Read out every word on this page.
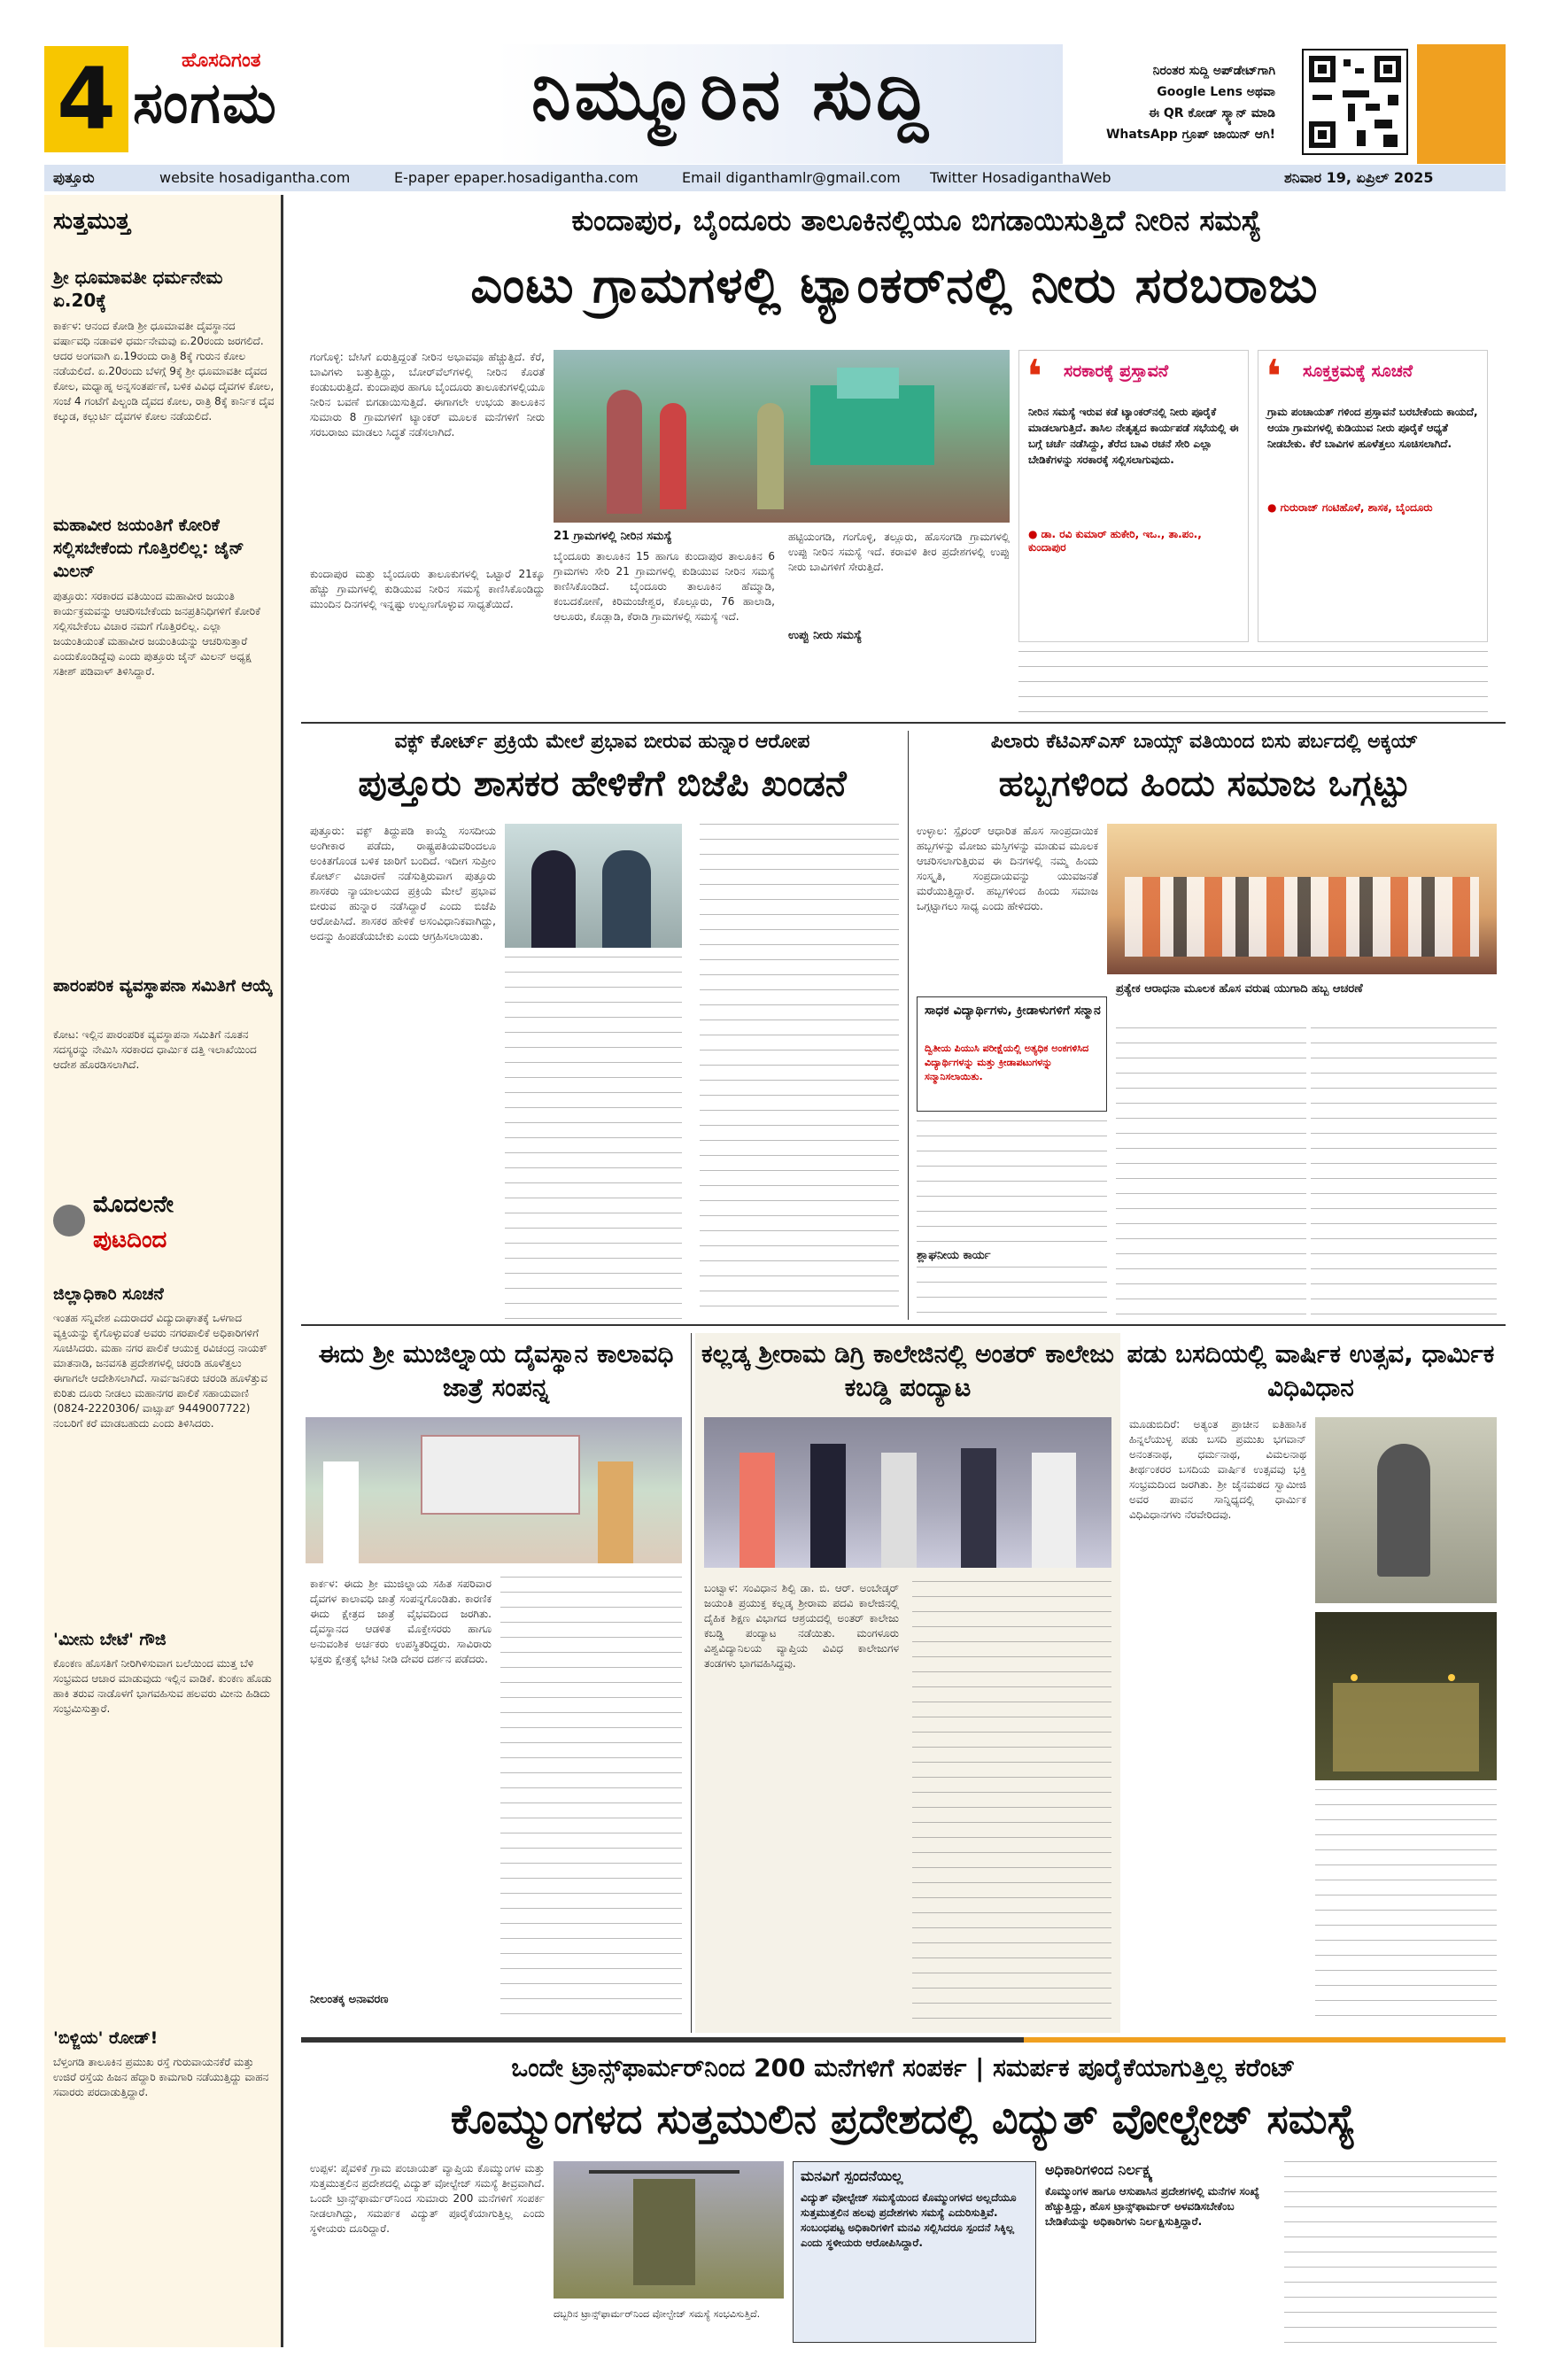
4	ಹೊಸದಿಗಂತ
ಸಂಗಮ	ನಿಮ್ಮೂರಿನ ಸುದ್ದಿ	ನಿರಂತರ ಸುದ್ದಿ ಅಪ್‌ಡೇಟ್‌ಗಾಗಿ
Google Lens ಅಥವಾ
ಈ QR ಕೋಡ್ ಸ್ಕ್ಯಾನ್ ಮಾಡಿ
WhatsApp ಗ್ರೂಪ್ ಜಾಯಿನ್ ಆಗಿ!
ಪುತ್ತೂರು	website hosadigantha.com	E-paper epaper.hosadigantha.com	Email diganthamlr@gmail.com Twitter HosadiganthaWeb	ಶನಿವಾರ 19, ಏಪ್ರಿಲ್ 2025
ಸುತ್ತಮುತ್ತ
ಶ್ರೀ ಧೂಮಾವತೀ ಧರ್ಮನೇಮ ಏ.20ಕ್ಕೆ
ಕಾರ್ಕಳ: ಆನಂದ ಕೋಡಿ ಶ್ರೀ ಧೂಮಾವತೀ ದೈವಸ್ಥಾನದ ವರ್ಷಾವಧಿ ನಡಾವಳಿ ಧರ್ಮನೇಮವು ಏ.20ರಂದು ಜರಗಲಿದೆ. ಆದರ ಅಂಗವಾಗಿ ಏ.19ರಂದು ರಾತ್ರಿ 8ಕ್ಕೆ ಗುರುನ ಕೋಲ ನಡೆಯಲಿದೆ. ಏ.20ರಂದು ಬೆಳಗ್ಗೆ 9ಕ್ಕೆ ಶ್ರೀ ಧೂಮಾವತೀ ದೈವದ ಕೋಲ, ಮಧ್ಯಾಹ್ನ ಅನ್ನಸಂತರ್ಪಣೆ, ಬಳಿಕ ವಿವಿಧ ದೈವಗಳ ಕೋಲ, ಸಂಜೆ 4 ಗಂಟೆಗೆ ಪಿಲ್ಚಂಡಿ ದೈವದ ಕೋಲ, ರಾತ್ರಿ 8ಕ್ಕೆ ಕಾರ್ನಿಕ ದೈವ ಕಲ್ಕುಡ, ಕಲ್ಲುರ್ಟಿ ದೈವಗಳ ಕೋಲ ನಡೆಯಲಿದೆ.
ಮಹಾವೀರ ಜಯಂತಿಗೆ ಕೋರಿಕೆ ಸಲ್ಲಿಸಬೇಕೆಂದು ಗೊತ್ತಿರಲಿಲ್ಲ: ಜೈನ್ ಮಿಲನ್
ಪುತ್ತೂರು: ಸರಕಾರದ ವತಿಯಿಂದ ಮಹಾವೀರ ಜಯಂತಿ ಕಾರ್ಯಕ್ರಮವನ್ನು ಆಚರಿಸಬೇಕೆಂದು ಜನಪ್ರತಿನಿಧಿಗಳಿಗೆ ಕೋರಿಕೆ ಸಲ್ಲಿಸಬೇಕೆಂಬ ವಿಚಾರ ನಮಗೆ ಗೊತ್ತಿರಲಿಲ್ಲ. ಎಲ್ಲಾ ಜಯಂತಿಯಂತೆ ಮಹಾವೀರ ಜಯಂತಿಯನ್ನು ಆಚರಿಸುತ್ತಾರೆ ಎಂದುಕೊಂಡಿದ್ದೆವು ಎಂದು ಪುತ್ತೂರು ಜೈನ್ ಮಿಲನ್ ಅಧ್ಯಕ್ಷ ಸತೀಶ್ ಪಡಿವಾಳ್ ತಿಳಿಸಿದ್ದಾರೆ.
ಪಾರಂಪರಿಕ ವ್ಯವಸ್ಥಾಪನಾ ಸಮಿತಿಗೆ ಆಯ್ಕೆ
ಕೋಟ: ಇಲ್ಲಿನ ಪಾರಂಪರಿಕ ವ್ಯವಸ್ಥಾಪನಾ ಸಮಿತಿಗೆ ನೂತನ ಸದಸ್ಯರನ್ನು ನೇಮಿಸಿ ಸರಕಾರದ ಧಾರ್ಮಿಕ ದತ್ತಿ ಇಲಾಖೆಯಿಂದ ಆದೇಶ ಹೊರಡಿಸಲಾಗಿದೆ.
ಮೊದಲನೇ
ಪುಟದಿಂದ
ಜಿಲ್ಲಾಧಿಕಾರಿ ಸೂಚನೆ
ಇಂತಹ ಸನ್ನಿವೇಶ ಎದುರಾದರೆ ವಿದ್ಯುದಾಘಾತಕ್ಕೆ ಒಳಗಾದ ವ್ಯಕ್ತಿಯನ್ನು ಕೈಗೊಳ್ಳುವಂತೆ ಅವರು ನಗರಪಾಲಿಕೆ ಅಧಿಕಾರಿಗಳಿಗೆ ಸೂಚಿಸಿದರು. ಮಹಾ ನಗರ ಪಾಲಿಕೆ ಆಯುಕ್ತ ರವಿಚಂದ್ರ ನಾಯಕ್ ಮಾತನಾಡಿ, ಜನವಸತಿ ಪ್ರದೇಶಗಳಲ್ಲಿ ಚರಂಡಿ ಹೂಳೆತ್ತಲು ಈಗಾಗಲೇ ಆದೇಶಿಸಲಾಗಿದೆ. ಸಾರ್ವಜನಿಕರು ಚರಂಡಿ ಹೂಳೆತ್ತುವ ಕುರಿತು ದೂರು ನೀಡಲು ಮಹಾನಗರ ಪಾಲಿಕೆ ಸಹಾಯವಾಣಿ (0824-2220306/ ವಾಟ್ಸಾಪ್ 9449007722) ನಂಬರಿಗೆ ಕರೆ ಮಾಡಬಹುದು ಎಂದು ತಿಳಿಸಿದರು.
'ಮೀನು ಬೇಟೆ' ಗೌಜಿ
ಕೊಂಕಣ ಹೊಸತಿಗೆ ನೀರಿಗಿಳಿಸುವಾಗ ಬಲೆಯಿಂದ ಮುತ್ತ ಬೆಳಿ ಸಂಭ್ರಮದ ಆಚಾರ ಮಾಡುವುದು ಇಲ್ಲಿನ ವಾಡಿಕೆ. ಕುಂಕಣ ಹೊಡು ಹಾಕಿ ತರುವ ನಾಡೊಳಗೆ ಭಾಗವಹಿಸುವ ಹಲವರು ಮೀನು ಹಿಡಿದು ಸಂಭ್ರಮಿಸುತ್ತಾರೆ.
'ಬಿಳ್ಜಿಯ' ರೋಡ್!
ಬೆಳ್ತಂಗಡಿ ತಾಲೂಕಿನ ಪ್ರಮುಖ ರಸ್ತೆ ಗುರುವಾಯನಕೆರೆ ಮತ್ತು ಉಜಿರೆ ರಸ್ತೆಯ ಹಿಜನ ಹೆದ್ದಾರಿ ಕಾಮಗಾರಿ ನಡೆಯುತ್ತಿದ್ದು ವಾಹನ ಸವಾರರು ಪರದಾಡುತ್ತಿದ್ದಾರೆ.
ಕುಂದಾಪುರ, ಬೈಂದೂರು ತಾಲೂಕಿನಲ್ಲಿಯೂ ಬಿಗಡಾಯಿಸುತ್ತಿದೆ ನೀರಿನ ಸಮಸ್ಯೆ
ಎಂಟು ಗ್ರಾಮಗಳಲ್ಲಿ ಟ್ಯಾಂಕರ್‌ನಲ್ಲಿ ನೀರು ಸರಬರಾಜು
ಗಂಗೊಳ್ಳಿ: ಬೇಸಿಗೆ ಏರುತ್ತಿದ್ದಂತೆ ನೀರಿನ ಅಭಾವವೂ ಹೆಚ್ಚುತ್ತಿದೆ. ಕೆರೆ, ಬಾವಿಗಳು ಬತ್ತುತ್ತಿದ್ದು, ಬೋರ್‌ವೆಲ್‌ಗಳಲ್ಲಿ ನೀರಿನ ಕೊರತೆ ಕಂಡುಬರುತ್ತಿದೆ. ಕುಂದಾಪುರ ಹಾಗೂ ಬೈಂದೂರು ತಾಲೂಕುಗಳಲ್ಲಿಯೂ ನೀರಿನ ಬವಣೆ ಬಿಗಡಾಯಿಸುತ್ತಿದೆ. ಈಗಾಗಲೇ ಉಭಯ ತಾಲೂಕಿನ ಸುಮಾರು 8 ಗ್ರಾಮಗಳಿಗೆ ಟ್ಯಾಂಕರ್ ಮೂಲಕ ಮನೆಗಳಿಗೆ ನೀರು ಸರಬರಾಜು ಮಾಡಲು ಸಿದ್ಧತೆ ನಡೆಸಲಾಗಿದೆ.
ಕುಂದಾಪುರ ಮತ್ತು ಬೈಂದೂರು ತಾಲೂಕುಗಳಲ್ಲಿ ಒಟ್ಟಾರೆ 21ಕ್ಕೂ ಹೆಚ್ಚು ಗ್ರಾಮಗಳಲ್ಲಿ ಕುಡಿಯುವ ನೀರಿನ ಸಮಸ್ಯೆ ಕಾಣಿಸಿಕೊಂಡಿದ್ದು ಮುಂದಿನ ದಿನಗಳಲ್ಲಿ ಇನ್ನಷ್ಟು ಉಲ್ಬಣಗೊಳ್ಳುವ ಸಾಧ್ಯತೆಯಿದೆ.
21 ಗ್ರಾಮಗಳಲ್ಲಿ ನೀರಿನ ಸಮಸ್ಯೆ
ಬೈಂದೂರು ತಾಲೂಕಿನ 15 ಹಾಗೂ ಕುಂದಾಪುರ ತಾಲೂಕಿನ 6 ಗ್ರಾಮಗಳು ಸೇರಿ 21 ಗ್ರಾಮಗಳಲ್ಲಿ ಕುಡಿಯುವ ನೀರಿನ ಸಮಸ್ಯೆ ಕಾಣಿಸಿಕೊಂಡಿದೆ. ಬೈಂದೂರು ತಾಲೂಕಿನ ಹೆಮ್ಮಾಡಿ, ಕಂಬದಕೋಣೆ, ಕಿರಿಮಂಜೇಶ್ವರ, ಕೊಲ್ಲೂರು, 76 ಹಾಲಾಡಿ, ಆಲೂರು, ಕೊಡ್ಲಾಡಿ, ಕೆರಾಡಿ ಗ್ರಾಮಗಳಲ್ಲಿ ಸಮಸ್ಯೆ ಇದೆ.
ಹಟ್ಟಿಯಂಗಡಿ, ಗಂಗೊಳ್ಳಿ, ತಲ್ಲೂರು, ಹೊಸಂಗಡಿ ಗ್ರಾಮಗಳಲ್ಲಿ ಉಪ್ಪು ನೀರಿನ ಸಮಸ್ಯೆ ಇದೆ. ಕರಾವಳಿ ತೀರ ಪ್ರದೇಶಗಳಲ್ಲಿ ಉಪ್ಪು ನೀರು ಬಾವಿಗಳಿಗೆ ಸೇರುತ್ತಿದೆ.
ಉಪ್ಪು ನೀರು ಸಮಸ್ಯೆ
❛ ಸರಕಾರಕ್ಕೆ ಪ್ರಸ್ತಾವನೆ
ನೀರಿನ ಸಮಸ್ಯೆ ಇರುವ ಕಡೆ ಟ್ಯಾಂಕರ್‌ನಲ್ಲಿ ನೀರು ಪೂರೈಕೆ ಮಾಡಲಾಗುತ್ತಿದೆ. ತಾಸಿಲ ನೇತೃತ್ವದ ಕಾರ್ಯಪಡೆ ಸಭೆಯಲ್ಲಿ ಈ ಬಗ್ಗೆ ಚರ್ಚೆ ನಡೆಸಿದ್ದು, ತೆರೆದ ಬಾವಿ ರಚನೆ ಸೇರಿ ಎಲ್ಲಾ ಬೇಡಿಕೆಗಳನ್ನು ಸರಕಾರಕ್ಕೆ ಸಲ್ಲಿಸಲಾಗುವುದು.
● ಡಾ. ರವಿ ಕುಮಾರ್ ಹುಕೇರಿ, ಇಒ., ತಾ.ಪಂ., ಕುಂದಾಪುರ
❛ ಸೂಕ್ತಕ್ರಮಕ್ಕೆ ಸೂಚನೆ
ಗ್ರಾಮ ಪಂಚಾಯತ್ ಗಳಿಂದ ಪ್ರಸ್ತಾವನೆ ಬರಬೇಕೆಂದು ಕಾಯದೆ, ಆಯಾ ಗ್ರಾಮಗಳಲ್ಲಿ ಕುಡಿಯುವ ನೀರು ಪೂರೈಕೆ ಆಧ್ಯತೆ ನೀಡಬೇಕು. ಕೆರೆ ಬಾವಿಗಳ ಹೂಳೆತ್ತಲು ಸೂಚಿಸಲಾಗಿದೆ.
● ಗುರುರಾಜ್ ಗಂಟಿಹೊಳೆ, ಶಾಸಕ, ಬೈಂದೂರು
ವಕ್ಫ್ ಕೋರ್ಟ್ ಪ್ರಕ್ರಿಯೆ ಮೇಲೆ ಪ್ರಭಾವ ಬೀರುವ ಹುನ್ನಾರ ಆರೋಪ
ಪುತ್ತೂರು ಶಾಸಕರ ಹೇಳಿಕೆಗೆ ಬಿಜೆಪಿ ಖಂಡನೆ
ಪುತ್ತೂರು: ವಕ್ಫ್ ತಿದ್ದುಪಡಿ ಕಾಯ್ದೆ ಸಂಸದೀಯ ಅಂಗೀಕಾರ ಪಡೆದು, ರಾಷ್ಟ್ರಪತಿಯವರಿಂದಲೂ ಅಂಕಿತಗೊಂಡ ಬಳಿಕ ಜಾರಿಗೆ ಬಂದಿದೆ. ಇದೀಗ ಸುಪ್ರೀಂ ಕೋರ್ಟ್ ವಿಚಾರಣೆ ನಡೆಸುತ್ತಿರುವಾಗ ಪುತ್ತೂರು ಶಾಸಕರು ನ್ಯಾಯಾಲಯದ ಪ್ರಕ್ರಿಯೆ ಮೇಲೆ ಪ್ರಭಾವ ಬೀರುವ ಹುನ್ನಾರ ನಡೆಸಿದ್ದಾರೆ ಎಂದು ಬಿಜೆಪಿ ಆರೋಪಿಸಿದೆ. ಶಾಸಕರ ಹೇಳಿಕೆ ಅಸಂವಿಧಾನಿಕವಾಗಿದ್ದು, ಅದನ್ನು ಹಿಂಪಡೆಯಬೇಕು ಎಂದು ಆಗ್ರಹಿಸಲಾಯಿತು.
ಪಿಲಾರು ಕೆಟಿಎಸ್‌ಎಸ್ ಬಾಯ್ಸ್ ವತಿಯಿಂದ ಬಿಸು ಪರ್ಬದಲ್ಲಿ ಅಕ್ಕಯ್
ಹಬ್ಬಗಳಿಂದ ಹಿಂದು ಸಮಾಜ ಒಗ್ಗಟ್ಟು
ಉಳ್ಳಾಲ: ಸ್ಪೈರಂರ್ ಆಧಾರಿತ ಹೊಸ ಸಾಂಪ್ರದಾಯಿಕ ಹಬ್ಬಗಳನ್ನು ಮೋಜು ಮಸ್ತಿಗಳನ್ನು ಮಾಡುವ ಮೂಲಕ ಆಚರಿಸಲಾಗುತ್ತಿರುವ ಈ ದಿನಗಳಲ್ಲಿ ನಮ್ಮ ಹಿಂದು ಸಂಸ್ಕೃತಿ, ಸಂಪ್ರದಾಯವನ್ನು ಯುವಜನತೆ ಮರೆಯುತ್ತಿದ್ದಾರೆ. ಹಬ್ಬಗಳಿಂದ ಹಿಂದು ಸಮಾಜ ಒಗ್ಗಟ್ಟಾಗಲು ಸಾಧ್ಯ ಎಂದು ಹೇಳಿದರು.
ಸಾಧಕ ವಿದ್ಯಾರ್ಥಿಗಳು, ಕ್ರೀಡಾಳುಗಳಿಗೆ ಸನ್ಮಾನ
ದ್ವಿತೀಯ ಪಿಯುಸಿ ಪರೀಕ್ಷೆಯಲ್ಲಿ ಅತ್ಯಧಿಕ ಅಂಕಗಳಿಸಿದ ವಿದ್ಯಾರ್ಥಿಗಳನ್ನು ಮತ್ತು ಕ್ರೀಡಾಪಟುಗಳನ್ನು ಸನ್ಮಾನಿಸಲಾಯಿತು.
ಪ್ರತ್ಯೇಕ ಆರಾಧನಾ ಮೂಲಕ ಹೊಸ ವರುಷ ಯುಗಾದಿ ಹಬ್ಬ ಆಚರಣೆ
ಶ್ಲಾಘನೀಯ ಕಾರ್ಯ
ಈದು ಶ್ರೀ ಮುಜಿಲ್ನಾಯ ದೈವಸ್ಥಾನ ಕಾಲಾವಧಿ ಜಾತ್ರೆ ಸಂಪನ್ನ
ಕಾರ್ಕಳ: ಈದು ಶ್ರೀ ಮುಜಿಲ್ನಾಯ ಸಹಿತ ಸಪರಿವಾರ ದೈವಗಳ ಕಾಲಾವಧಿ ಜಾತ್ರೆ ಸಂಪನ್ನಗೊಂಡಿತು. ಕಾರಣಿಕ ಈದು ಕ್ಷೇತ್ರದ ಜಾತ್ರೆ ವೈಭವದಿಂದ ಜರಗಿತು. ದೈವಸ್ಥಾನದ ಆಡಳಿತ ಮೊಕ್ತೇಸರರು ಹಾಗೂ ಅನುವಂಶಿಕ ಅರ್ಚಕರು ಉಪಸ್ಥಿತರಿದ್ದರು. ಸಾವಿರಾರು ಭಕ್ತರು ಕ್ಷೇತ್ರಕ್ಕೆ ಭೇಟಿ ನೀಡಿ ದೇವರ ದರ್ಶನ ಪಡೆದರು.
ನೀಲಂತಕ್ಕ ಅನಾವರಣ
ಕಲ್ಲಡ್ಕ ಶ್ರೀರಾಮ ಡಿಗ್ರಿ ಕಾಲೇಜಿನಲ್ಲಿ ಅಂತರ್ ಕಾಲೇಜು ಕಬಡ್ಡಿ ಪಂದ್ಯಾಟ
ಬಂಟ್ವಾಳ: ಸಂವಿಧಾನ ಶಿಲ್ಪಿ ಡಾ. ಬಿ. ಆರ್. ಅಂಬೇಡ್ಕರ್ ಜಯಂತಿ ಪ್ರಯುಕ್ತ ಕಲ್ಲಡ್ಕ ಶ್ರೀರಾಮ ಪದವಿ ಕಾಲೇಜಿನಲ್ಲಿ ದೈಹಿಕ ಶಿಕ್ಷಣ ವಿಭಾಗದ ಆಶ್ರಯದಲ್ಲಿ ಅಂತರ್ ಕಾಲೇಜು ಕಬಡ್ಡಿ ಪಂದ್ಯಾಟ ನಡೆಯಿತು. ಮಂಗಳೂರು ವಿಶ್ವವಿದ್ಯಾನಿಲಯ ವ್ಯಾಪ್ತಿಯ ವಿವಿಧ ಕಾಲೇಜುಗಳ ತಂಡಗಳು ಭಾಗವಹಿಸಿದ್ದವು.
ಪಡು ಬಸದಿಯಲ್ಲಿ ವಾರ್ಷಿಕ ಉತ್ಸವ, ಧಾರ್ಮಿಕ ವಿಧಿವಿಧಾನ
ಮೂಡುಬಿದಿರೆ: ಅತ್ಯಂತ ಪ್ರಾಚೀನ ಐತಿಹಾಸಿಕ ಹಿನ್ನಲೆಯುಳ್ಳ ಪಡು ಬಸದಿ ಪ್ರಮುಖ ಭಗವಾನ್ ಅನಂತನಾಥ, ಧರ್ಮನಾಥ, ವಿಮಲನಾಥ ತೀರ್ಥಂಕರರ ಬಸದಿಯ ವಾರ್ಷಿಕ ಉತ್ಸವವು ಭಕ್ತಿ ಸಂಭ್ರಮದಿಂದ ಜರಗಿತು. ಶ್ರೀ ಜೈನಮಠದ ಸ್ವಾಮೀಜಿ ಅವರ ಪಾವನ ಸಾನ್ನಿಧ್ಯದಲ್ಲಿ ಧಾರ್ಮಿಕ ವಿಧಿವಿಧಾನಗಳು ನೆರವೇರಿದವು.
ಒಂದೇ ಟ್ರಾನ್ಸ್‌ಫಾರ್ಮರ್‌ನಿಂದ 200 ಮನೆಗಳಿಗೆ ಸಂಪರ್ಕ | ಸಮರ್ಪಕ ಪೂರೈಕೆಯಾಗುತ್ತಿಲ್ಲ ಕರೆಂಟ್
ಕೊಮ್ಮುಂಗಳದ ಸುತ್ತಮುಲಿನ ಪ್ರದೇಶದಲ್ಲಿ ವಿದ್ಯುತ್ ವೋಲ್ಟೇಜ್ ಸಮಸ್ಯೆ
ಉಪ್ಪಳ: ಪೈವಳಿಕೆ ಗ್ರಾಮ ಪಂಚಾಯತ್ ವ್ಯಾಪ್ತಿಯ ಕೊಮ್ಮುಂಗಳ ಮತ್ತು ಸುತ್ತಮುತ್ತಲಿನ ಪ್ರದೇಶದಲ್ಲಿ ವಿದ್ಯುತ್ ವೋಲ್ಟೇಜ್ ಸಮಸ್ಯೆ ತೀವ್ರವಾಗಿದೆ. ಒಂದೇ ಟ್ರಾನ್ಸ್‌ಫಾರ್ಮರ್‌ನಿಂದ ಸುಮಾರು 200 ಮನೆಗಳಿಗೆ ಸಂಪರ್ಕ ನೀಡಲಾಗಿದ್ದು, ಸಮರ್ಪಕ ವಿದ್ಯುತ್ ಪೂರೈಕೆಯಾಗುತ್ತಿಲ್ಲ ಎಂದು ಸ್ಥಳೀಯರು ದೂರಿದ್ದಾರೆ.
ದಬ್ಬರಿನ ಟ್ರಾನ್ಸ್‌ಫಾರ್ಮರ್‌ನಿಂದ ವೋಲ್ಟೇಜ್ ಸಮಸ್ಯೆ ಸಂಭವಿಸುತ್ತಿದೆ.
ಮನವಿಗೆ ಸ್ಪಂದನೆಯಿಲ್ಲ
ವಿದ್ಯುತ್ ವೋಲ್ಟೇಜ್ ಸಮಸ್ಯೆಯಿಂದ ಕೊಮ್ಮುಂಗಳದ ಅಲ್ಲದೆಯೂ ಸುತ್ತಮುತ್ತಲಿನ ಹಲವು ಪ್ರದೇಶಗಳು ಸಮಸ್ಯೆ ಎದುರಿಸುತ್ತಿವೆ. ಸಂಬಂಧಪಟ್ಟ ಅಧಿಕಾರಿಗಳಿಗೆ ಮನವಿ ಸಲ್ಲಿಸಿದರೂ ಸ್ಪಂದನೆ ಸಿಕ್ಕಿಲ್ಲ ಎಂದು ಸ್ಥಳೀಯರು ಆರೋಪಿಸಿದ್ದಾರೆ.
ಅಧಿಕಾರಿಗಳಿಂದ ನಿರ್ಲಕ್ಷ್ಯ
ಕೊಮ್ಮುಂಗಳ ಹಾಗೂ ಆಸುಪಾಸಿನ ಪ್ರದೇಶಗಳಲ್ಲಿ ಮನೆಗಳ ಸಂಖ್ಯೆ ಹೆಚ್ಚುತ್ತಿದ್ದು, ಹೊಸ ಟ್ರಾನ್ಸ್‌ಫಾರ್ಮರ್ ಅಳವಡಿಸಬೇಕೆಂಬ ಬೇಡಿಕೆಯನ್ನು ಅಧಿಕಾರಿಗಳು ನಿರ್ಲಕ್ಷಿಸುತ್ತಿದ್ದಾರೆ.
